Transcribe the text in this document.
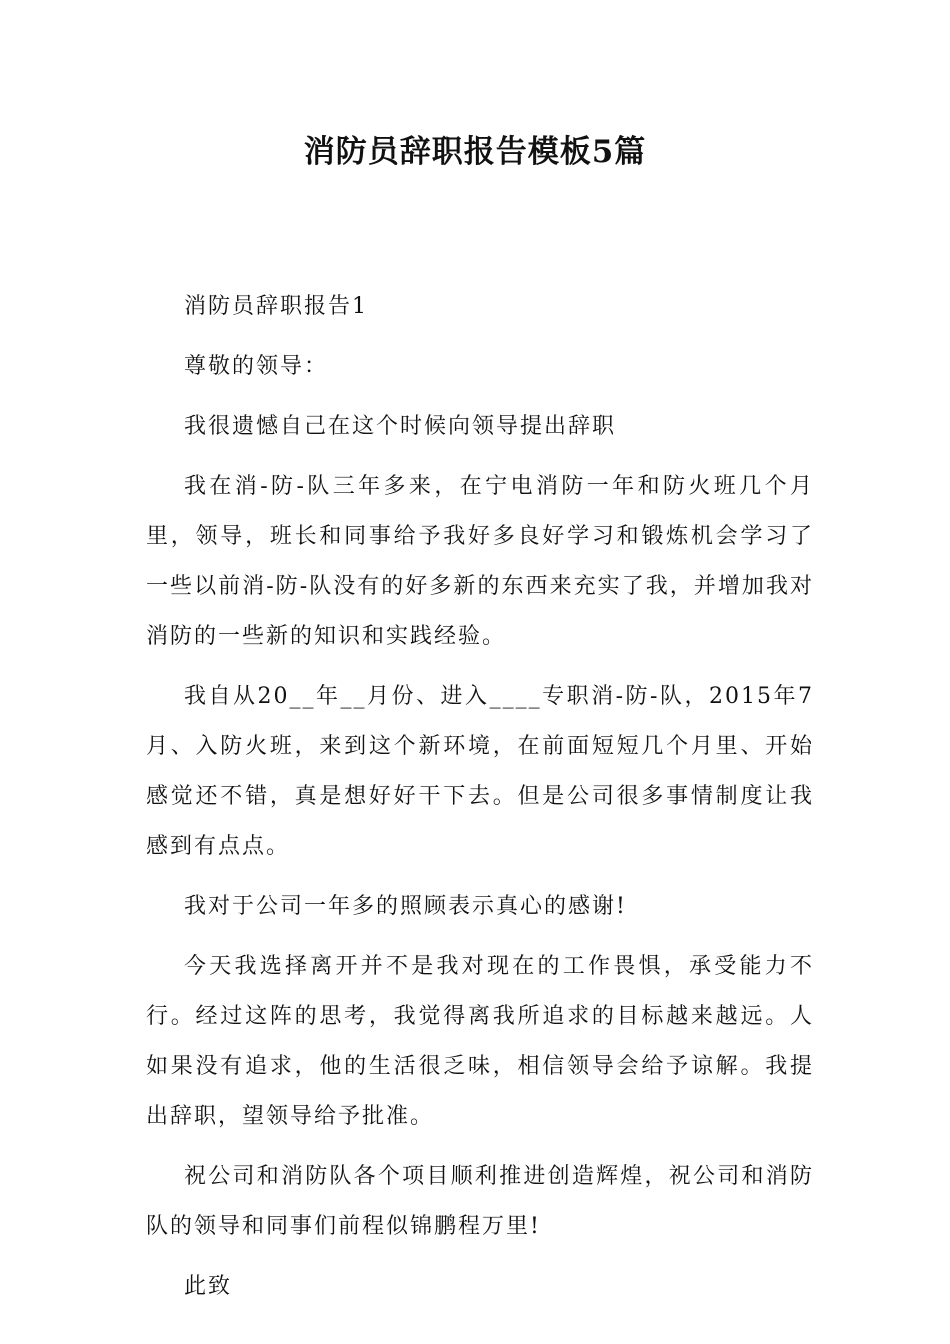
消防员辞职报告模板5篇

消防员辞职报告1

尊敬的领导：

我很遗憾自己在这个时候向领导提出辞职

我在消-防-队三年多来，在宁电消防一年和防火班几个月里，领导，班长和同事给予我好多良好学习和锻炼机会学习了一些以前消-防-队没有的好多新的东西来充实了我，并增加我对消防的一些新的知识和实践经验。

我自从20__年__月份、进入____专职消-防-队，2015年7月、入防火班，来到这个新环境，在前面短短几个月里、开始感觉还不错，真是想好好干下去。但是公司很多事情制度让我感到有点点。

我对于公司一年多的照顾表示真心的感谢!

今天我选择离开并不是我对现在的工作畏惧，承受能力不行。经过这阵的思考，我觉得离我所追求的目标越来越远。人如果没有追求，他的生活很乏味，相信领导会给予谅解。我提出辞职，望领导给予批准。

祝公司和消防队各个项目顺利推进创造辉煌，祝公司和消防队的领导和同事们前程似锦鹏程万里!

此致
